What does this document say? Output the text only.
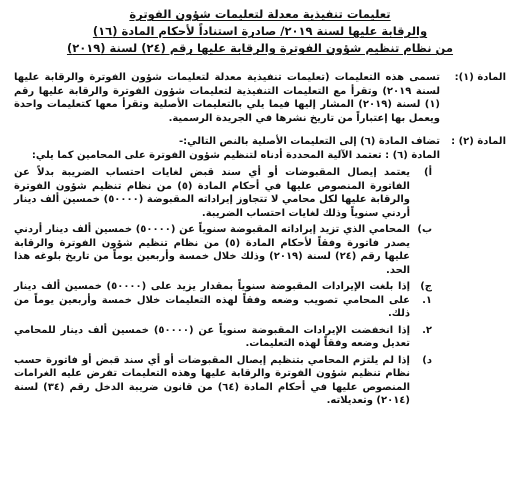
تعليمات تنفيذية معدلة لتعليمات شؤون الفوترة
والرقابة عليها لسنة ٢٠١٩/ صادرة استناداً لأحكام المادة (١٦)
من نظام تنظيم شؤون الفوترة والرقابة عليها رقم (٢٤) لسنة (٢٠١٩)
المادة (١):
تسمى هذه التعليمات (تعليمات تنفيذية معدلة لتعليمات شؤون الفوترة والرقابة عليها لسنة ٢٠١٩) وتقرأ مع التعليمات التنفيذية لتعليمات شؤون الفوترة والرقابة عليها رقم (١) لسنة (٢٠١٩) المشار إليها فيما يلي بالتعليمات الأصلية وتقرأ معها كتعليمات واحدة ويعمل بها إعتباراً من تاريخ نشرها في الجريدة الرسمية.
المادة (٢) :

تضاف المادة (٦) إلى التعليمات الأصلية بالنص التالي:-

المادة (٦) : تعتمد الآلية المحددة أدناه لتنظيم شؤون الفوترة على المحامين كما يلي:

أ)
يعتمد إيصال المقبوضات أو أي سند قبض لغايات احتساب الضريبة بدلاً عن الفاتورة المنصوص عليها في أحكام المادة (٥) من نظام تنظيم شؤون الفوترة والرقابة عليها لكل محامي لا تتجاوز إيراداته المقبوضة (٥٠٠٠٠) خمسين ألف دينار أردني سنوياً وذلك لغايات احتساب الضريبة.
ب)
المحامي الذي تزيد إيراداته المقبوضة سنوياً عن (٥٠٠٠٠) خمسين ألف دينار أردني يصدر فاتورة وفقاً لأحكام المادة (٥) من نظام تنظيم شؤون الفوترة والرقابة عليها رقم (٢٤) لسنة (٢٠١٩) وذلك خلال خمسة وأربعين يوماً من تاريخ بلوغه هذا الحد.
ج) ١.
إذا بلغت الإيرادات المقبوضة سنوياً بمقدار يزيد على (٥٠٠٠٠) خمسين ألف دينار على المحامي تصويب وضعه وفقاً لهذه التعليمات خلال خمسة وأربعين يوماً من ذلك.
٢.
إذا انخفضت الإيرادات المقبوضة سنوياً عن (٥٠٠٠٠) خمسين ألف دينار للمحامي تعديل وضعه وفقاً لهذه التعليمات.
د)
إذا لم يلتزم المحامي بتنظيم إيصال المقبوضات أو أي سند قبض أو فاتورة حسب نظام تنظيم شؤون الفوترة والرقابة عليها وهذه التعليمات تفرض عليه الغرامات المنصوص عليها في أحكام المادة (٦٤) من قانون ضريبة الدخل رقم (٣٤) لسنة (٢٠١٤) وتعديلاته.
